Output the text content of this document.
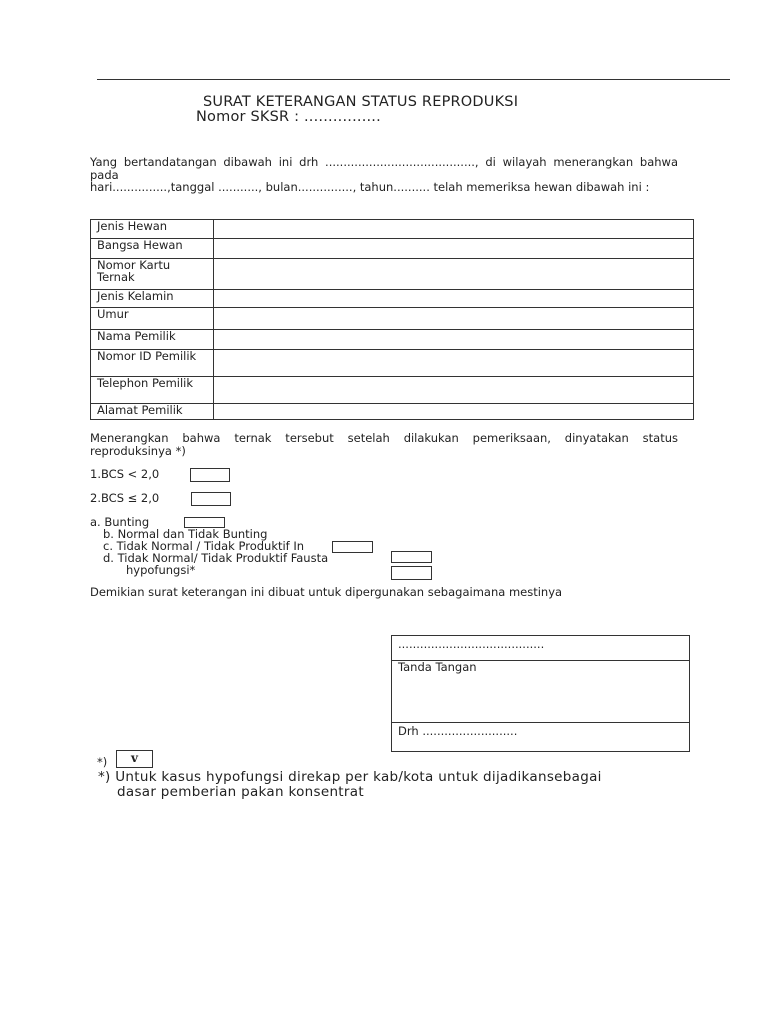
SURAT KETERANGAN STATUS REPRODUKSI
Nomor SKSR : ................
Yang bertandatangan dibawah ini drh ........................................., di wilayah menerangkan bahwa pada
hari...............,tanggal ..........., bulan..............., tahun.......... telah memeriksa hewan dibawah ini :
Jenis Hewan	
Bangsa Hewan	
Nomor Kartu Ternak	
Jenis Kelamin	
Umur	
Nama Pemilik	
Nomor ID Pemilik	
Telephon Pemilik	
Alamat Pemilik	
Menerangkan bahwa ternak tersebut setelah dilakukan pemeriksaan, dinyatakan status reproduksinya *)
1.BCS < 2,0
2.BCS ≤ 2,0
a. Bunting
b. Normal dan Tidak Bunting
c. Tidak Normal / Tidak Produktif In
d. Tidak Normal/ Tidak Produktif Fausta
hypofungsi*
Demikian surat keterangan ini dibuat untuk dipergunakan sebagaimana mestinya
........................................
Tanda Tangan
Drh ..........................
*)	v
*) Untuk kasus hypofungsi direkap per kab/kota untuk dijadikansebagai
dasar pemberian pakan konsentrat
